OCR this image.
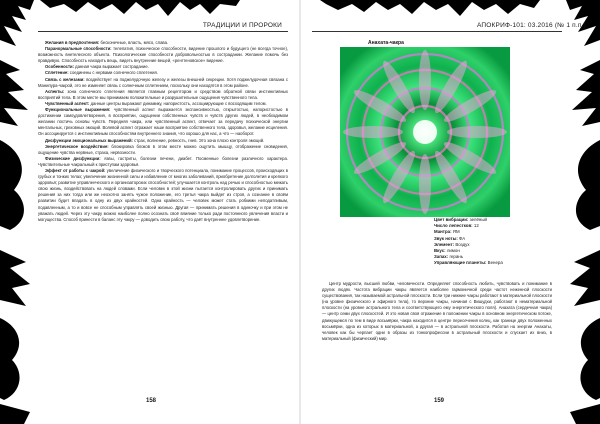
ТРАДИЦИИ И ПРОРОКИ

Желания в предпочтения: бесконечные, власть, мясо, слава.

Паранормальные способности: телепатия, психическое способности, видение прошлого и будущего (не всегда точное), возможность внетелесного объекта. Психологические способности добровольностью в сострадании. Желание помочь без правдивую. Способность находить вещь, видеть внутренние вещей, «рентгеновское» видение.

Особенности: данная чакра выражает сострадание.

Сплетение: соединены с нервами солнечного сплетения.

Связь с железами: воздействует на поджелудочную железу и железы внешней секреции. Хотя поджелудочная связана с Манипура-чакрой, это не изменяет связь с солнечным сплетением, поскольку они находятся в этом районе.

Аспекты: зона солнечного сплетения является главным рецептором и средством обратной связи инстинктивных восприятий тела. В этом месте мы принимаем положительные и разрушительные ощущения чувственного тела.

Чувственный аспект: данные центры выражают динамику, напористость, ассоциирующие с восходящим телом.

Функциональные выражения: чувственный аспект выражается экспансивностью, открытостью, напористостью в достижении самоудовлетворения, в восприятии, ощущении собственных чувств и чувств других людей, в необходимом желании постичь основы чувств. Передняя чакра, или чувственный аспект, отвечает за передачу психической энергии ментальных, греховных эмоций. Волевой аспект отражает наше восприятие собственного тела, здоровья, желание исцеления. Он ассоциируется с инстинктивным способностям внутреннего знания, что хорошо для нас, а что — наоборот.

Дисфункции эмоциональных выражений: страх, волнение, ревность, гнев. Это зона плохо контроля эмоций.

Энергетическое воздействие: блокировка блоков в этом месте можно ощутить мышцу, отображение сновидения, ощущение чувства нервные, страха, нервозности.

Физические дисфункции: язвы, гастриты, болезни печени, диабет. Посменные болезни различного характера. Чувствительные чакральный к приступам здоровья.

Эффект от работы с чакрой: увеличение физического и творческого потенциала, понимание процессов, происходящих в грубых и тонких телах; увеличение жизненной силы и избавление от многих заболеваний, приобретение долголетия и крепкого здоровья; развитие управленческого и организаторских способностей; улучшается контроль над речью и способностью межать свою жизнь, воздействовать на людей словами. Если человек в этой жизни пытается контролировать других и принимать решения за них тогда или же неохотно занять чужое положение, его третья чакра выйдет из строя, а сознание в своём развитии будет впадать в одну из двух крайностей. Одна крайность — человек может стать робкими неподатливым, подавленным, а то и вовсе не способным управлять своей жизнью. Другая — принимать решения в одиночку и при этом не уважать людей. Через эту чакру можно наиболее полно осознать своё влияние только ради постоянного увлечения власти и могущества. Способ принести в баланс эту чакру — доводить свою работу, что даёт внутреннее удовлетворение.

158
АПОКРИФ-101: 03.2016 (№ 1 п.п.)
Анахата-чакра
Цвет вибрации: зелёный
Число лепестков: 12
Мантра: ЯМ
Звук ноты: ФА
Элемент: Воздух
Вкус: лимон
Запах: герань
Управляющие планеты: Венера

Центр мудрости, высшей любви, человечности. Определяет способность любить, чувствовать и понимание в других людях. Частота вибрации чакры является наиболее гармоничной среди частот неженной плоскости существования, так называемой астральной плоскости. Если три нижние чакры работают в материальной плоскости (на уровне физического и эфирного тела), то верхние чакры, начиная с Вишудхи, работают в нематериальной плоскости (на уровне астрального тела и соответствующего ему энергетического поля). Анахата (сердечная чакра) — центр семи двух плоскостей. И это новая своя отражение в положении чакры в основном энергетическом потоке, движущемся по тем в виде восьмёрки, чакра находится в центре пересечения колец, как границе двух положенных восьмёрки, одна из которых в материальной, а другая — в астральной плоскости. Работая на энергии Анахаты, человек как бы черпает одни в образы из тонкопрофессии в астральный плоскости и спускает их вниз, в материальный (физический) мир.

159
